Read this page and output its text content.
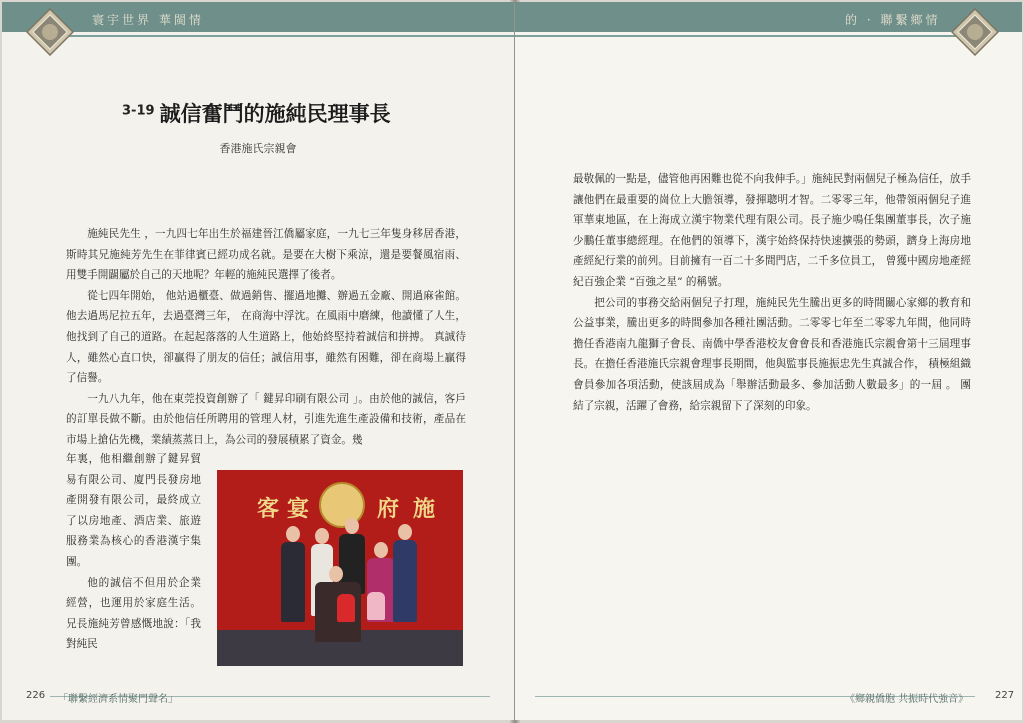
寰宇世界 華閩情
$^{3-19}$ 誠信奮鬥的施純民理事長
香港施氏宗親會

施純民先生 ，一九四七年出生於福建晉江僑屬家庭，一九七三年隻身移居香港，斯時其兄施純芳先生在菲律賓已經功成名就。是要在大樹下乘涼，還是要餐風宿雨、用雙手開闢屬於自己的天地呢？年輕的施純民選擇了後者。

從七四年開始， 他站過櫃臺、做過銷售、擺過地攤、辦過五金廠、開過麻雀館。他去過馬尼拉五年，去過臺灣三年， 在商海中浮沈。在風雨中磨練，他讀懂了人生，他找到了自己的道路。在起起落落的人生道路上，他始終堅持着誠信和拼搏。 真誠待人，雖然心直口快，卻贏得了朋友的信任；誠信用事，雖然有困難，卻在商場上贏得了信譽。

一九八九年，他在東莞投資創辦了「 鍵昇印刷有限公司 」。由於他的誠信，客戶的訂單長做不斷。由於他信任所聘用的管理人材，引進先進生產設備和技術，產品在市場上搶佔先機，業績蒸蒸日上，為公司的發展積累了資金。幾

年裏，他相繼創辦了鍵昇貿易有限公司、廈門長發房地產開發有限公司，最終成立了以房地產、酒店業、旅遊服務業為核心的香港漢宇集團。

他的誠信不但用於企業經營，也運用於家庭生活。兄長施純芳曾感慨地說：「我對純民

客 宴	府 施
226 「聯繫經濟系情聚門聲名」
的 · 聯繫鄉情

最敬佩的一點是，儘管他再困難也從不向我伸手。」施純民對兩個兒子極為信任，放手讓他們在最重要的崗位上大膽領導，發揮聰明才智。二零零三年，他帶領兩個兒子進軍華東地區，在上海成立漢宇物業代理有限公司。長子施少鳴任集團董事長，次子施少鵬任董事總經理。在他們的領導下，漢宇始終保持快速擴張的勢頭，躋身上海房地產經紀行業的前列。目前擁有一百二十多間門店，二千多位員工， 曾獲中國房地產經紀百強企業 “百強之星” 的稱號。

把公司的事務交給兩個兒子打理，施純民先生騰出更多的時間關心家鄉的教育和公益事業，騰出更多的時間參加各種社團活動。二零零七年至二零零九年間，他同時擔任香港南九龍獅子會長、南僑中學香港校友會會長和香港施氏宗親會第十三屆理事長。在擔任香港施氏宗親會理事長期間，他與監事長施振忠先生真誠合作， 積極組織會員參加各項活動，使該屆成為「舉辦活動最多、參加活動人數最多」的一屆 。 團結了宗親，活躍了會務，給宗親留下了深刻的印象。

《鄉親僑胞 共振時代強音》	227
